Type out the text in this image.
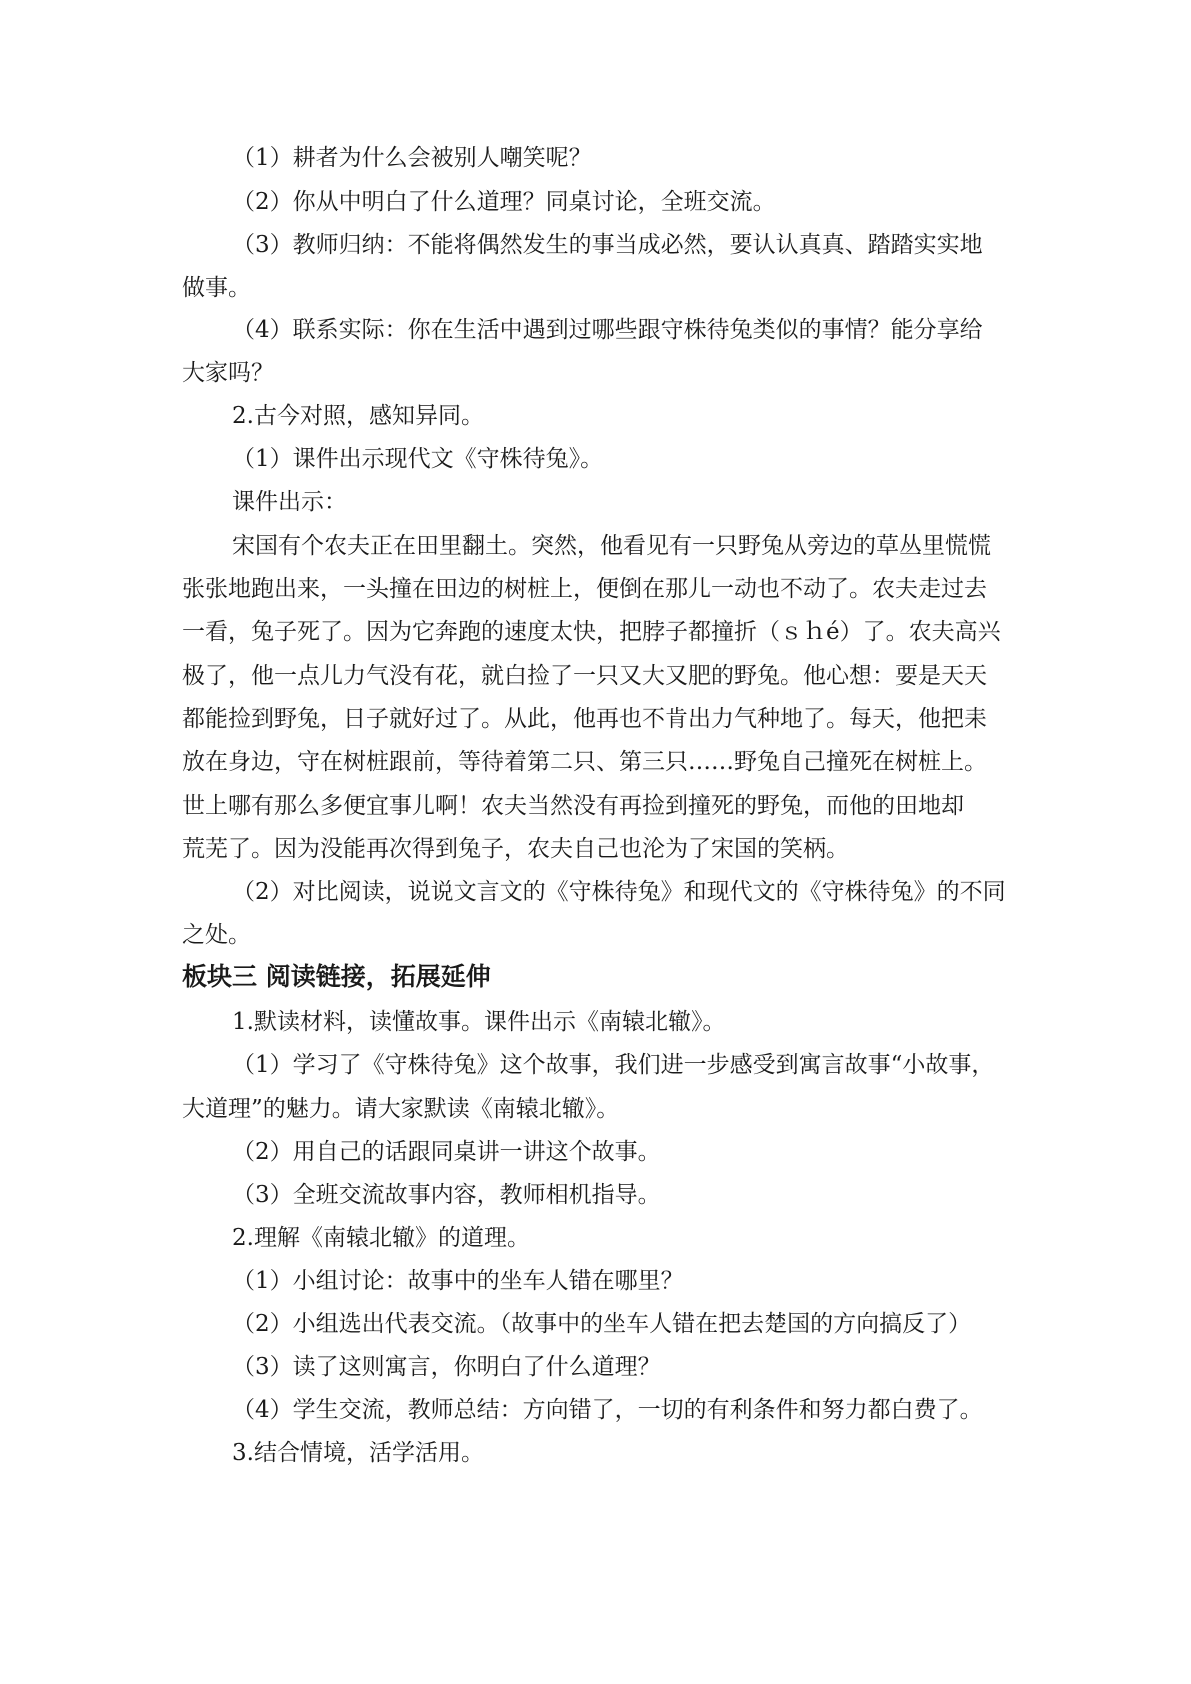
（1）耕者为什么会被别人嘲笑呢？
（2）你从中明白了什么道理？同桌讨论，全班交流。
（3）教师归纳：不能将偶然发生的事当成必然，要认认真真、踏踏实实地
做事。
（4）联系实际：你在生活中遇到过哪些跟守株待兔类似的事情？能分享给
大家吗？
2.古今对照，感知异同。
（1）课件出示现代文《守株待兔》。
课件出示：
宋国有个农夫正在田里翻土。突然，他看见有一只野兔从旁边的草丛里慌慌
张张地跑出来，一头撞在田边的树桩上，便倒在那儿一动也不动了。农夫走过去
一看，兔子死了。因为它奔跑的速度太快，把脖子都撞折（ｓｈé）了。农夫高兴
极了，他一点儿力气没有花，就白捡了一只又大又肥的野兔。他心想：要是天天
都能捡到野兔，日子就好过了。从此，他再也不肯出力气种地了。每天，他把耒
放在身边，守在树桩跟前，等待着第二只、第三只……野兔自己撞死在树桩上。
世上哪有那么多便宜事儿啊！农夫当然没有再捡到撞死的野兔，而他的田地却
荒芜了。因为没能再次得到兔子，农夫自己也沦为了宋国的笑柄。
（2）对比阅读，说说文言文的《守株待兔》和现代文的《守株待兔》的不同
之处。
板块三 阅读链接，拓展延伸
1.默读材料，读懂故事。课件出示《南辕北辙》。
（1）学习了《守株待兔》这个故事，我们进一步感受到寓言故事“小故事，
大道理”的魅力。请大家默读《南辕北辙》。
（2）用自己的话跟同桌讲一讲这个故事。
（3）全班交流故事内容，教师相机指导。
2.理解《南辕北辙》的道理。
（1）小组讨论：故事中的坐车人错在哪里？
（2）小组选出代表交流。（故事中的坐车人错在把去楚国的方向搞反了）
（3）读了这则寓言，你明白了什么道理？
（4）学生交流，教师总结：方向错了，一切的有利条件和努力都白费了。
3.结合情境，活学活用。
